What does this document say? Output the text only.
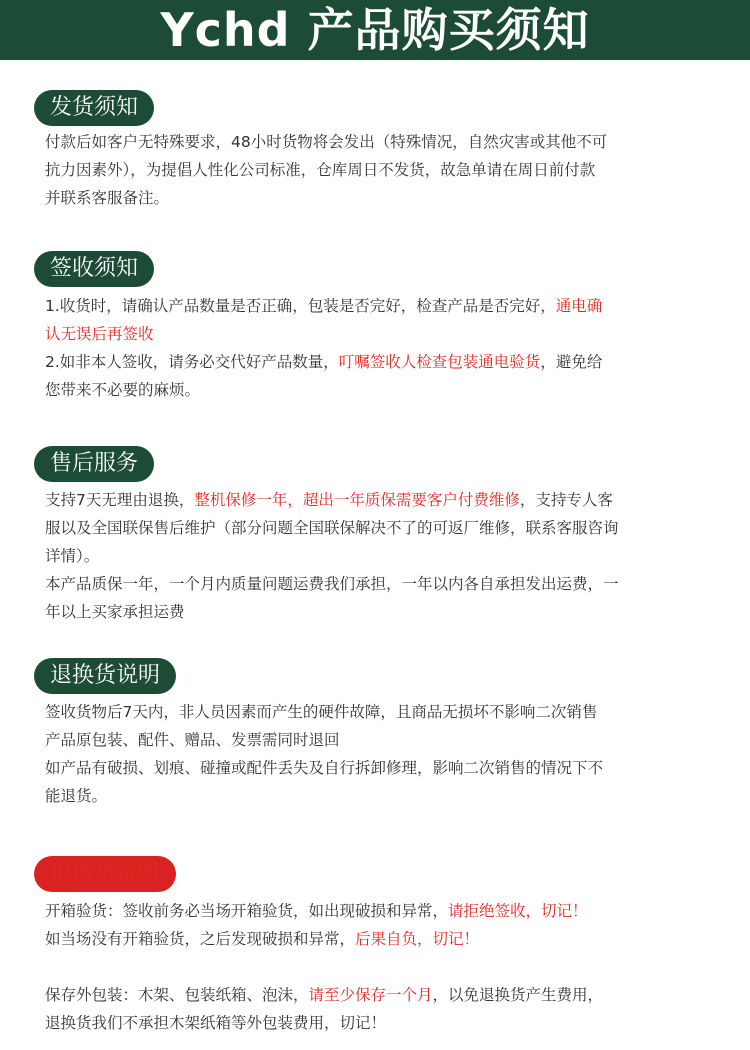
Ychd 产品购买须知
发货须知
付款后如客户无特殊要求，48小时货物将会发出（特殊情况，自然灾害或其他不可
抗力因素外），为提倡人性化公司标准，仓库周日不发货，故急单请在周日前付款
并联系客服备注。
签收须知
1.收货时，请确认产品数量是否正确，包装是否完好，检查产品是否完好，通电确
认无误后再签收
2.如非本人签收，请务必交代好产品数量，叮嘱签收人检查包装通电验货，避免给
您带来不必要的麻烦。
售后服务
支持7天无理由退换，整机保修一年，超出一年质保需要客户付费维修，支持专人客
服以及全国联保售后维护（部分问题全国联保解决不了的可返厂维修，联系客服咨询
详情）。
本产品质保一年，一个月内质量问题运费我们承担，一年以内各自承担发出运费，一
年以上买家承担运费
退换货说明
签收货物后7天内，非人员因素而产生的硬件故障，且商品无损坏不影响二次销售
产品原包装、配件、赠品、发票需同时退回
如产品有破损、划痕、碰撞或配件丢失及自行拆卸修理，影响二次销售的情况下不
能退货。
退换货说明
开箱验货：签收前务必当场开箱验货，如出现破损和异常，请拒绝签收，切记！
如当场没有开箱验货，之后发现破损和异常，后果自负，切记！
保存外包装：木架、包装纸箱、泡沫，请至少保存一个月，以免退换货产生费用，
退换货我们不承担木架纸箱等外包装费用，切记！
